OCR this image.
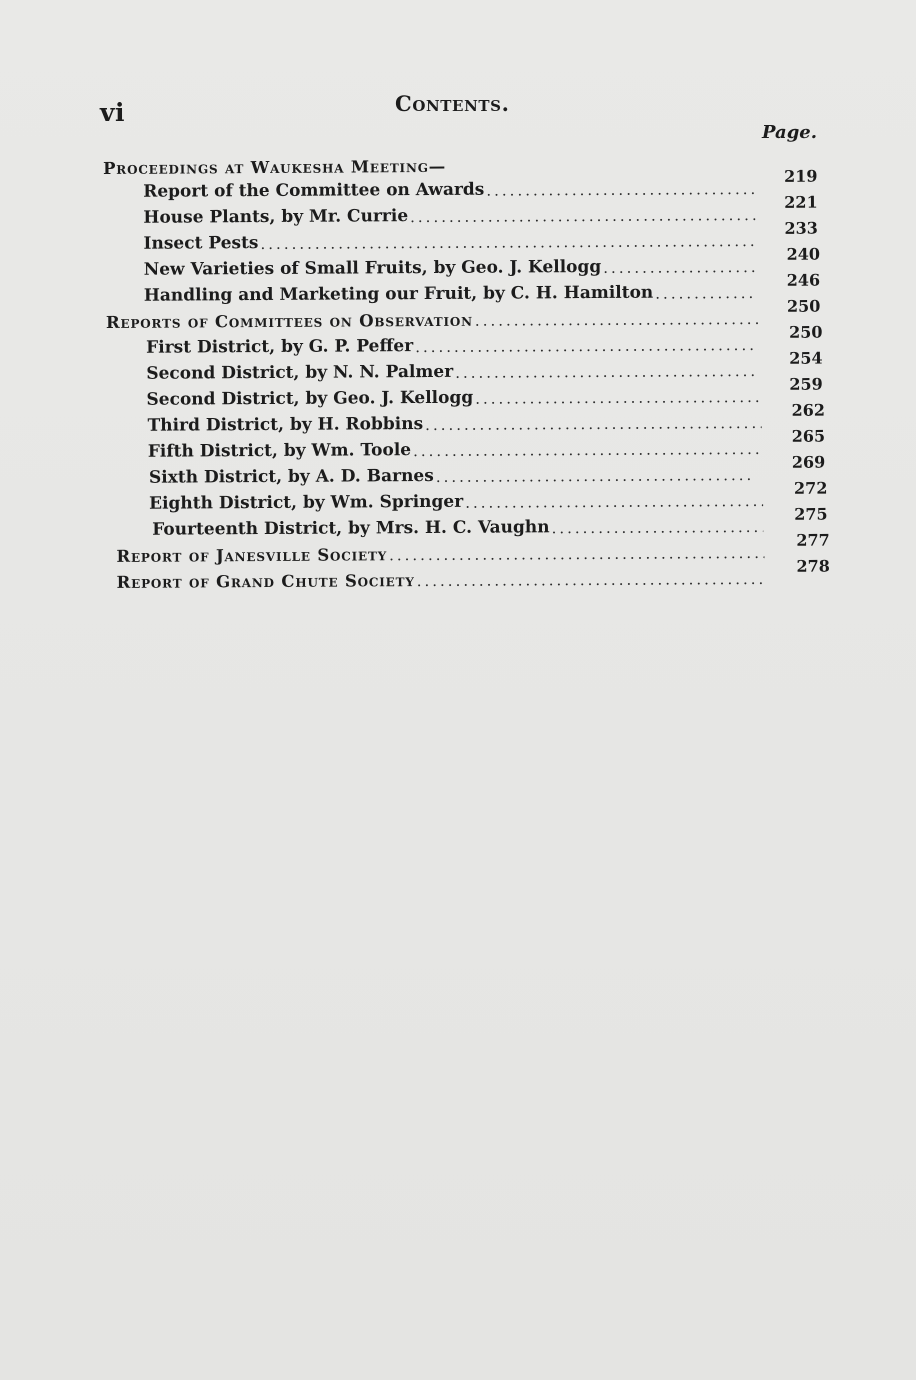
vi	Contents.
Page.
Proceedings at Waukesha Meeting—
Report of the Committee on Awards
.....
219
House Plants, by Mr. Currie
.....
221
Insect Pests
.....
233
New Varieties of Small Fruits, by Geo. J. Kellogg
.....
240
Handling and Marketing our Fruit, by C. H. Hamilton
.....
246
Reports of Committees on Observation
.....
250
First District, by G. P. Peffer
.....
250
Second District, by N. N. Palmer
.....
254
Second District, by Geo. J. Kellogg
.....
259
Third District, by H. Robbins
.....
262
Fifth District, by Wm. Toole
.....
265
Sixth District, by A. D. Barnes
.....
269
Eighth District, by Wm. Springer
.....
272
Fourteenth District, by Mrs. H. C. Vaughn
.....
275
Report of Janesville Society
.....
277
Report of Grand Chute Society
.....
278
